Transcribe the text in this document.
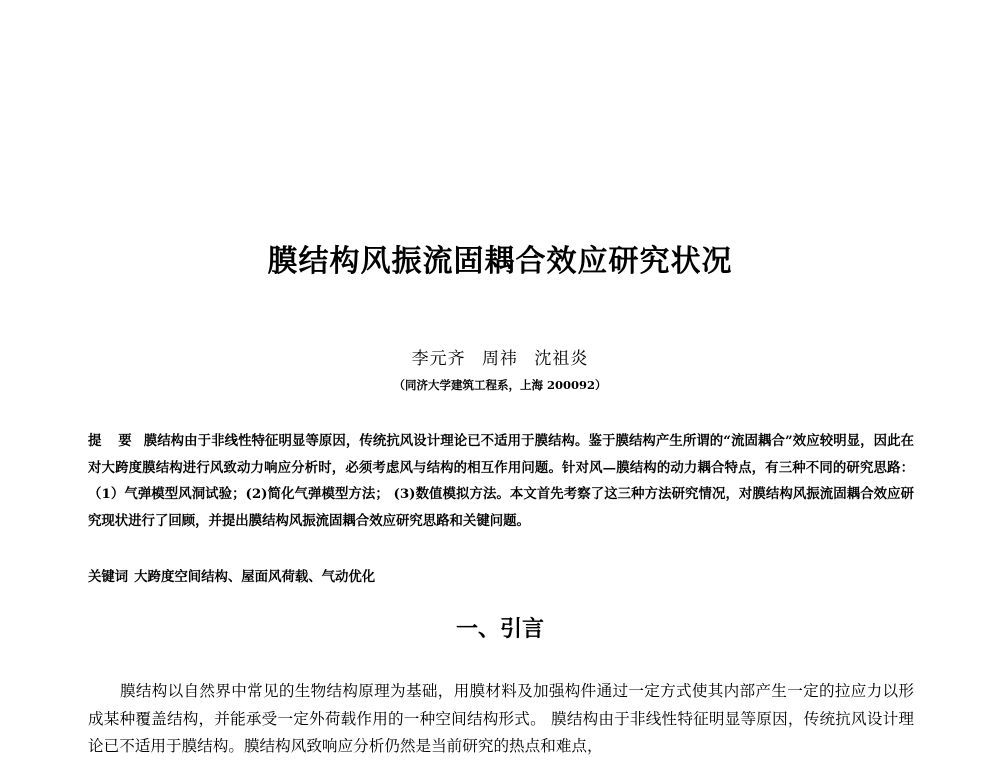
膜结构风振流固耦合效应研究状况

李元齐 周祎 沈祖炎

（同济大学建筑工程系，上海 200092）

提 要 膜结构由于非线性特征明显等原因，传统抗风设计理论已不适用于膜结构。鉴于膜结构产生所谓的“流固耦合”效应较明显，因此在对大跨度膜结构进行风致动力响应分析时，必须考虑风与结构的相互作用问题。针对风—膜结构的动力耦合特点，有三种不同的研究思路：（1）气弹模型风洞试验；(2)简化气弹模型方法； (3)数值模拟方法。本文首先考察了这三种方法研究情况，对膜结构风振流固耦合效应研究现状进行了回顾，并提出膜结构风振流固耦合效应研究思路和关键问题。

关键词 大跨度空间结构、屋面风荷载、气动优化

一、引言

膜结构以自然界中常见的生物结构原理为基础，用膜材料及加强构件通过一定方式使其内部产生一定的拉应力以形成某种覆盖结构，并能承受一定外荷载作用的一种空间结构形式。 膜结构由于非线性特征明显等原因，传统抗风设计理论已不适用于膜结构。膜结构风致响应分析仍然是当前研究的热点和难点，
